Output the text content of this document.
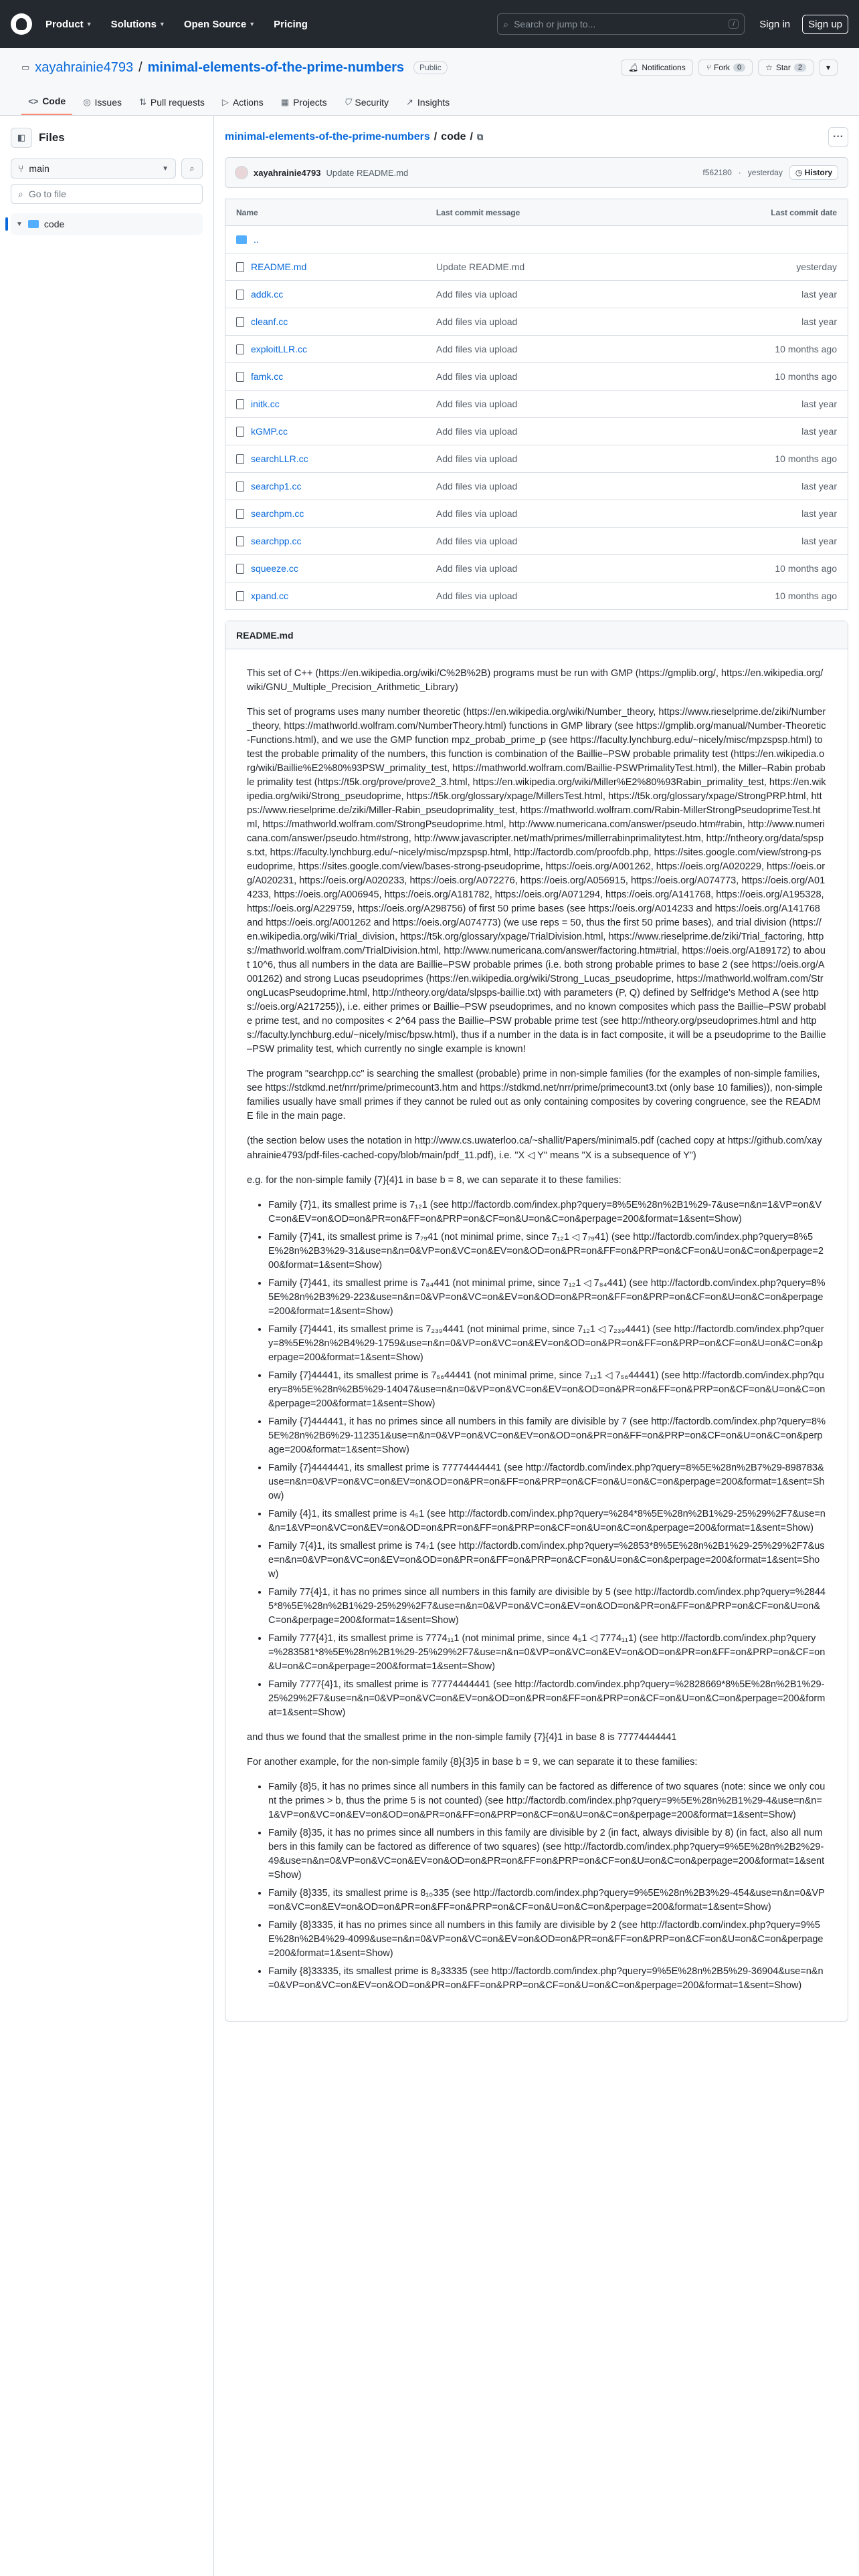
Product ▼ Solutions ▼ Open Source ▼ Pricing	⌕ Search or jump to...	/	Sign in	Sign up
▭ xayahrainie4793 / minimal-elements-of-the-prime-numbers	Public	🔔︎ Notifications	⑂ Fork	0	☆ Star	2	▾
<> Code ◎ Issues ⇅ Pull requests ▷ Actions ▦ Projects ⛉ Security ↗ Insights
◧	Files
⑂ main	▼	⌕
⌕ Go to file
▼ code
minimal-elements-of-the-prime-numbers / code / ⧉	···
xayahrainie4793 Update README.md	f562180 · yesterday	◷ History
Name	Last commit message	Last commit date

..		

README.md	Update README.md	yesterday

addk.cc	Add files via upload	last year

cleanf.cc	Add files via upload	last year

exploitLLR.cc	Add files via upload	10 months ago

famk.cc	Add files via upload	10 months ago

initk.cc	Add files via upload	last year

kGMP.cc	Add files via upload	last year

searchLLR.cc	Add files via upload	10 months ago

searchp1.cc	Add files via upload	last year

searchpm.cc	Add files via upload	last year

searchpp.cc	Add files via upload	last year

squeeze.cc	Add files via upload	10 months ago

xpand.cc	Add files via upload	10 months ago
README.md

This set of C++ (https://en.wikipedia.org/wiki/C%2B%2B) programs must be run with GMP (https://gmplib.org/, https://en.wikipedia.org/wiki/GNU_Multiple_Precision_Arithmetic_Library)

This set of programs uses many number theoretic (https://en.wikipedia.org/wiki/Number_theory, https://www.rieselprime.de/ziki/Number_theory, https://mathworld.wolfram.com/NumberTheory.html) functions in GMP library (see https://gmplib.org/manual/Number-Theoretic-Functions.html), and we use the GMP function mpz_probab_prime_p (see https://faculty.lynchburg.edu/~nicely/misc/mpzspsp.html) to test the probable primality of the numbers, this function is combination of the Baillie–PSW probable primality test (https://en.wikipedia.org/wiki/Baillie%E2%80%93PSW_primality_test, https://mathworld.wolfram.com/Baillie-PSWPrimalityTest.html), the Miller–Rabin probable primality test (https://t5k.org/prove/prove2_3.html, https://en.wikipedia.org/wiki/Miller%E2%80%93Rabin_primality_test, https://en.wikipedia.org/wiki/Strong_pseudoprime, https://t5k.org/glossary/xpage/MillersTest.html, https://t5k.org/glossary/xpage/StrongPRP.html, https://www.rieselprime.de/ziki/Miller-Rabin_pseudoprimality_test, https://mathworld.wolfram.com/Rabin-MillerStrongPseudoprimeTest.html, https://mathworld.wolfram.com/StrongPseudoprime.html, http://www.numericana.com/answer/pseudo.htm#rabin, http://www.numericana.com/answer/pseudo.htm#strong, http://www.javascripter.net/math/primes/millerrabinprimalitytest.htm, http://ntheory.org/data/spsps.txt, https://faculty.lynchburg.edu/~nicely/misc/mpzspsp.html, http://factordb.com/proofdb.php, https://sites.google.com/view/strong-pseudoprime, https://sites.google.com/view/bases-strong-pseudoprime, https://oeis.org/A001262, https://oeis.org/A020229, https://oeis.org/A020231, https://oeis.org/A020233, https://oeis.org/A072276, https://oeis.org/A056915, https://oeis.org/A074773, https://oeis.org/A014233, https://oeis.org/A006945, https://oeis.org/A181782, https://oeis.org/A071294, https://oeis.org/A141768, https://oeis.org/A195328, https://oeis.org/A229759, https://oeis.org/A298756) of first 50 prime bases (see https://oeis.org/A014233 and https://oeis.org/A141768 and https://oeis.org/A001262 and https://oeis.org/A074773) (we use reps = 50, thus the first 50 prime bases), and trial division (https://en.wikipedia.org/wiki/Trial_division, https://t5k.org/glossary/xpage/TrialDivision.html, https://www.rieselprime.de/ziki/Trial_factoring, https://mathworld.wolfram.com/TrialDivision.html, http://www.numericana.com/answer/factoring.htm#trial, https://oeis.org/A189172) to about 10^6, thus all numbers in the data are Baillie–PSW probable primes (i.e. both strong probable primes to base 2 (see https://oeis.org/A001262) and strong Lucas pseudoprimes (https://en.wikipedia.org/wiki/Strong_Lucas_pseudoprime, https://mathworld.wolfram.com/StrongLucasPseudoprime.html, http://ntheory.org/data/slpsps-baillie.txt) with parameters (P, Q) defined by Selfridge's Method A (see https://oeis.org/A217255)), i.e. either primes or Baillie–PSW pseudoprimes, and no known composites which pass the Baillie–PSW probable prime test, and no composites < 2^64 pass the Baillie–PSW probable prime test (see http://ntheory.org/pseudoprimes.html and https://faculty.lynchburg.edu/~nicely/misc/bpsw.html), thus if a number in the data is in fact composite, it will be a pseudoprime to the Baillie–PSW primality test, which currently no single example is known!

The program "searchpp.cc" is searching the smallest (probable) prime in non-simple families (for the examples of non-simple families, see https://stdkmd.net/nrr/prime/primecount3.htm and https://stdkmd.net/nrr/prime/primecount3.txt (only base 10 families)), non-simple families usually have small primes if they cannot be ruled out as only containing composites by covering congruence, see the README file in the main page.

(the section below uses the notation in http://www.cs.uwaterloo.ca/~shallit/Papers/minimal5.pdf (cached copy at https://github.com/xayahrainie4793/pdf-files-cached-copy/blob/main/pdf_11.pdf), i.e. "X ◁ Y" means "X is a subsequence of Y")

e.g. for the non-simple family {7}{4}1 in base b = 8, we can separate it to these families:

• Family {7}1, its smallest prime is 7₁₂1 (see http://factordb.com/index.php?query=8%5E%28n%2B1%29-7&use=n&n=1&VP=on&VC=on&EV=on&OD=on&PR=on&FF=on&PRP=on&CF=on&U=on&C=on&perpage=200&format=1&sent=Show)
• Family {7}41, its smallest prime is 7₇₉41 (not minimal prime, since 7₁₂1 ◁ 7₇₉41) (see http://factordb.com/index.php?query=8%5E%28n%2B3%29-31&use=n&n=0&VP=on&VC=on&EV=on&OD=on&PR=on&FF=on&PRP=on&CF=on&U=on&C=on&perpage=200&format=1&sent=Show)
• Family {7}441, its smallest prime is 7₈₄441 (not minimal prime, since 7₁₂1 ◁ 7₈₄441) (see http://factordb.com/index.php?query=8%5E%28n%2B3%29-223&use=n&n=0&VP=on&VC=on&EV=on&OD=on&PR=on&FF=on&PRP=on&CF=on&U=on&C=on&perpage=200&format=1&sent=Show)
• Family {7}4441, its smallest prime is 7₂₃₉4441 (not minimal prime, since 7₁₂1 ◁ 7₂₃₉4441) (see http://factordb.com/index.php?query=8%5E%28n%2B4%29-1759&use=n&n=0&VP=on&VC=on&EV=on&OD=on&PR=on&FF=on&PRP=on&CF=on&U=on&C=on&perpage=200&format=1&sent=Show)
• Family {7}44441, its smallest prime is 7₅₆44441 (not minimal prime, since 7₁₂1 ◁ 7₅₆44441) (see http://factordb.com/index.php?query=8%5E%28n%2B5%29-14047&use=n&n=0&VP=on&VC=on&EV=on&OD=on&PR=on&FF=on&PRP=on&CF=on&U=on&C=on&perpage=200&format=1&sent=Show)
• Family {7}444441, it has no primes since all numbers in this family are divisible by 7 (see http://factordb.com/index.php?query=8%5E%28n%2B6%29-112351&use=n&n=0&VP=on&VC=on&EV=on&OD=on&PR=on&FF=on&PRP=on&CF=on&U=on&C=on&perpage=200&format=1&sent=Show)
• Family {7}4444441, its smallest prime is 77774444441 (see http://factordb.com/index.php?query=8%5E%28n%2B7%29-898783&use=n&n=0&VP=on&VC=on&EV=on&OD=on&PR=on&FF=on&PRP=on&CF=on&U=on&C=on&perpage=200&format=1&sent=Show)
• Family {4}1, its smallest prime is 4₅1 (see http://factordb.com/index.php?query=%284*8%5E%28n%2B1%29-25%29%2F7&use=n&n=1&VP=on&VC=on&EV=on&OD=on&PR=on&FF=on&PRP=on&CF=on&U=on&C=on&perpage=200&format=1&sent=Show)
• Family 7{4}1, its smallest prime is 74₇1 (see http://factordb.com/index.php?query=%2853*8%5E%28n%2B1%29-25%29%2F7&use=n&n=0&VP=on&VC=on&EV=on&OD=on&PR=on&FF=on&PRP=on&CF=on&U=on&C=on&perpage=200&format=1&sent=Show)
• Family 77{4}1, it has no primes since all numbers in this family are divisible by 5 (see http://factordb.com/index.php?query=%28445*8%5E%28n%2B1%29-25%29%2F7&use=n&n=0&VP=on&VC=on&EV=on&OD=on&PR=on&FF=on&PRP=on&CF=on&U=on&C=on&perpage=200&format=1&sent=Show)
• Family 777{4}1, its smallest prime is 7774₁₁1 (not minimal prime, since 4₅1 ◁ 7774₁₁1) (see http://factordb.com/index.php?query=%283581*8%5E%28n%2B1%29-25%29%2F7&use=n&n=0&VP=on&VC=on&EV=on&OD=on&PR=on&FF=on&PRP=on&CF=on&U=on&C=on&perpage=200&format=1&sent=Show)
• Family 7777{4}1, its smallest prime is 77774444441 (see http://factordb.com/index.php?query=%2828669*8%5E%28n%2B1%29-25%29%2F7&use=n&n=0&VP=on&VC=on&EV=on&OD=on&PR=on&FF=on&PRP=on&CF=on&U=on&C=on&perpage=200&format=1&sent=Show)

and thus we found that the smallest prime in the non-simple family {7}{4}1 in base 8 is 77774444441

For another example, for the non-simple family {8}{3}5 in base b = 9, we can separate it to these families:

• Family {8}5, it has no primes since all numbers in this family can be factored as difference of two squares (note: since we only count the primes > b, thus the prime 5 is not counted) (see http://factordb.com/index.php?query=9%5E%28n%2B1%29-4&use=n&n=1&VP=on&VC=on&EV=on&OD=on&PR=on&FF=on&PRP=on&CF=on&U=on&C=on&perpage=200&format=1&sent=Show)
• Family {8}35, it has no primes since all numbers in this family are divisible by 2 (in fact, always divisible by 8) (in fact, also all numbers in this family can be factored as difference of two squares) (see http://factordb.com/index.php?query=9%5E%28n%2B2%29-49&use=n&n=0&VP=on&VC=on&EV=on&OD=on&PR=on&FF=on&PRP=on&CF=on&U=on&C=on&perpage=200&format=1&sent=Show)
• Family {8}335, its smallest prime is 8₁₀335 (see http://factordb.com/index.php?query=9%5E%28n%2B3%29-454&use=n&n=0&VP=on&VC=on&EV=on&OD=on&PR=on&FF=on&PRP=on&CF=on&U=on&C=on&perpage=200&format=1&sent=Show)
• Family {8}3335, it has no primes since all numbers in this family are divisible by 2 (see http://factordb.com/index.php?query=9%5E%28n%2B4%29-4099&use=n&n=0&VP=on&VC=on&EV=on&OD=on&PR=on&FF=on&PRP=on&CF=on&U=on&C=on&perpage=200&format=1&sent=Show)
• Family {8}33335, its smallest prime is 8₉33335 (see http://factordb.com/index.php?query=9%5E%28n%2B5%29-36904&use=n&n=0&VP=on&VC=on&EV=on&OD=on&PR=on&FF=on&PRP=on&CF=on&U=on&C=on&perpage=200&format=1&sent=Show)
